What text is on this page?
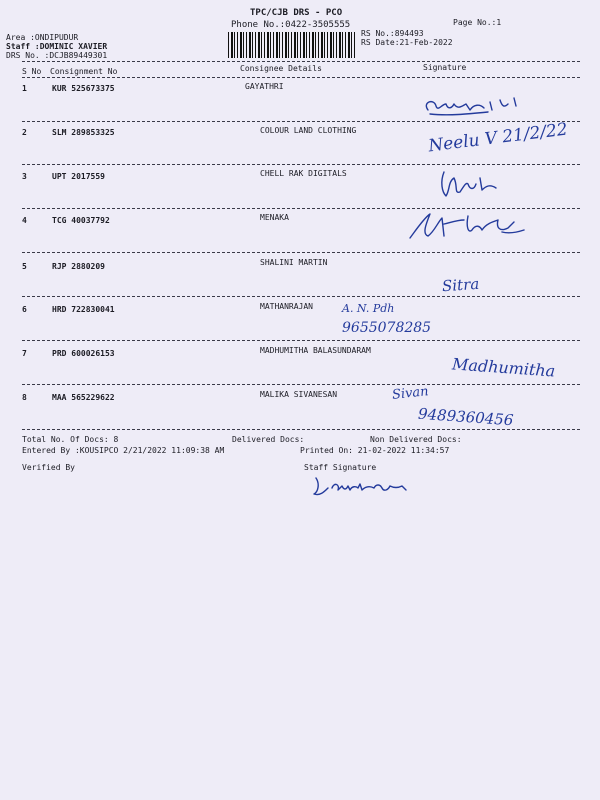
TPC/CJB DRS - PCO
Phone No.:0422-3505555
Area :ONDIPUDUR
Staff :DOMINIC XAVIER
DRS No. :DCJB89449301
RS No.:894493
RS Date:21-Feb-2022
Page No.:1
S No Consignment No	Consignee Details	Signature
1	KUR 525673375	GAYATHRI
2	SLM 289853325	COLOUR LAND CLOTHING	Neelu V 21/2/22
3	UPT 2017559	CHELL RAK DIGITALS
4	TCG 40037792	MENAKA
5	RJP 2880209	SHALINI MARTIN
Sitra
6	HRD 722830041	MATHANRAJAN	A. N. Pdh
9655078285
7	PRD 600026153	MADHUMITHA BALASUNDARAM
Madhumitha
8	MAA 565229622	MALIKA SIVANESAN	Sivan
9489360456
Total No. Of Docs: 8	Delivered Docs:	Non Delivered Docs:
Entered By :KOUSIPCO 2/21/2022 11:09:38 AM	Printed On: 21-02-2022 11:34:57
Verified By	Staff Signature
